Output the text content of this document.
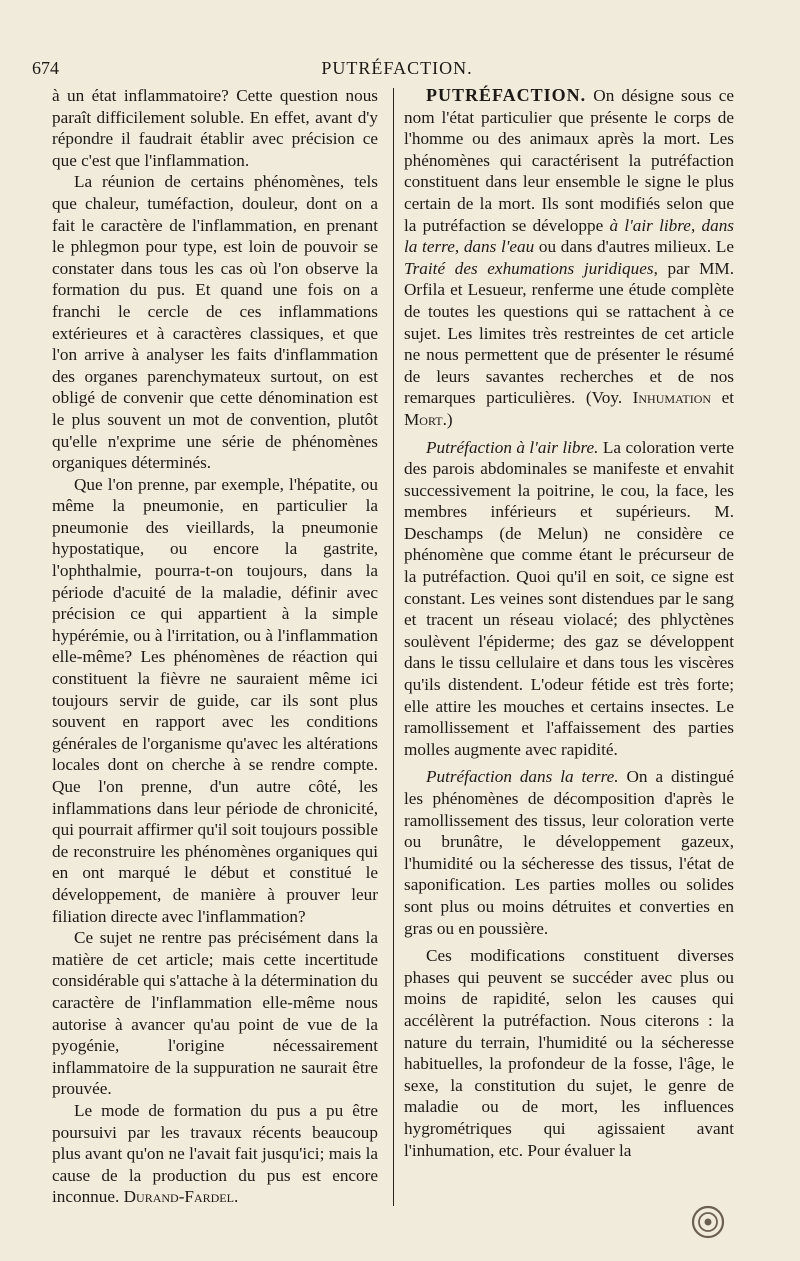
674	PUTRÉFACTION.

à un état inflammatoire? Cette question nous paraît difficilement soluble. En effet, avant d'y répondre il faudrait établir avec précision ce que c'est que l'inflammation.

La réunion de certains phénomènes, tels que chaleur, tuméfaction, douleur, dont on a fait le caractère de l'inflammation, en prenant le phlegmon pour type, est loin de pouvoir se constater dans tous les cas où l'on observe la formation du pus. Et quand une fois on a franchi le cercle de ces inflammations extérieures et à caractères classiques, et que l'on arrive à analyser les faits d'inflammation des organes parenchymateux surtout, on est obligé de convenir que cette dénomination est le plus souvent un mot de convention, plutôt qu'elle n'exprime une série de phénomènes organiques déterminés.

Que l'on prenne, par exemple, l'hépatite, ou même la pneumonie, en particulier la pneumonie des vieillards, la pneumonie hypostatique, ou encore la gastrite, l'ophthalmie, pourra-t-on toujours, dans la période d'acuité de la maladie, définir avec précision ce qui appartient à la simple hypérémie, ou à l'irritation, ou à l'inflammation elle-même? Les phénomènes de réaction qui constituent la fièvre ne sauraient même ici toujours servir de guide, car ils sont plus souvent en rapport avec les conditions générales de l'organisme qu'avec les altérations locales dont on cherche à se rendre compte. Que l'on prenne, d'un autre côté, les inflammations dans leur période de chronicité, qui pourrait affirmer qu'il soit toujours possible de reconstruire les phénomènes organiques qui en ont marqué le début et constitué le développement, de manière à prouver leur filiation directe avec l'inflammation?

Ce sujet ne rentre pas précisément dans la matière de cet article; mais cette incertitude considérable qui s'attache à la détermination du caractère de l'inflammation elle-même nous autorise à avancer qu'au point de vue de la pyogénie, l'origine nécessairement inflammatoire de la suppuration ne saurait être prouvée.

Le mode de formation du pus a pu être poursuivi par les travaux récents beaucoup plus avant qu'on ne l'avait fait jusqu'ici; mais la cause de la production du pus est encore inconnue. Durand-Fardel.

PUTRÉFACTION. On désigne sous ce nom l'état particulier que présente le corps de l'homme ou des animaux après la mort. Les phénomènes qui caractérisent la putréfaction constituent dans leur ensemble le signe le plus certain de la mort. Ils sont modifiés selon que la putréfaction se développe à l'air libre, dans la terre, dans l'eau ou dans d'autres milieux. Le Traité des exhumations juridiques, par MM. Orfila et Lesueur, renferme une étude complète de toutes les questions qui se rattachent à ce sujet. Les limites très restreintes de cet article ne nous permettent que de présenter le résumé de leurs savantes recherches et de nos remarques particulières. (Voy. Inhumation et Mort.)

Putréfaction à l'air libre. La coloration verte des parois abdominales se manifeste et envahit successivement la poitrine, le cou, la face, les membres inférieurs et supérieurs. M. Deschamps (de Melun) ne considère ce phénomène que comme étant le précurseur de la putréfaction. Quoi qu'il en soit, ce signe est constant. Les veines sont distendues par le sang et tracent un réseau violacé; des phlyctènes soulèvent l'épiderme; des gaz se développent dans le tissu cellulaire et dans tous les viscères qu'ils distendent. L'odeur fétide est très forte; elle attire les mouches et certains insectes. Le ramollissement et l'affaissement des parties molles augmente avec rapidité.

Putréfaction dans la terre. On a distingué les phénomènes de décomposition d'après le ramollissement des tissus, leur coloration verte ou brunâtre, le développement gazeux, l'humidité ou la sécheresse des tissus, l'état de saponification. Les parties molles ou solides sont plus ou moins détruites et converties en gras ou en poussière.

Ces modifications constituent diverses phases qui peuvent se succéder avec plus ou moins de rapidité, selon les causes qui accélèrent la putréfaction. Nous citerons : la nature du terrain, l'humidité ou la sécheresse habituelles, la profondeur de la fosse, l'âge, le sexe, la constitution du sujet, le genre de maladie ou de mort, les influences hygrométriques qui agissaient avant l'inhumation, etc. Pour évaluer la
